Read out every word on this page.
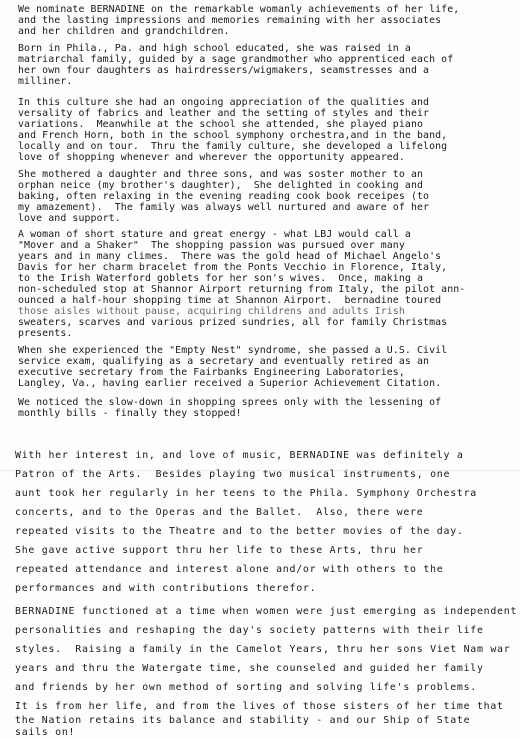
We nominate BERNADINE on the remarkable womanly achievements of her life,
and the lasting impressions and memories remaining with her associates
and her children and grandchildren.
Born in Phila., Pa. and high school educated, she was raised in a
matriarchal family, guided by a sage grandmother who apprenticed each of
her own four daughters as hairdressers/wigmakers, seamstresses and a
milliner.
In this culture she had an ongoing appreciation of the qualities and
versality of fabrics and leather and the setting of styles and their
variations.  Meanwhile at the school she attended, she played piano
and French Horn, both in the school symphony orchestra,and in the band,
locally and on tour.  Thru the family culture, she developed a lifelong
love of shopping whenever and wherever the opportunity appeared.
She mothered a daughter and three sons, and was soster mother to an
orphan neice (my brother's daughter),  She delighted in cooking and
baking, often relaxing in the evening reading cook book receipes (to
my amazement).  The family was always well nurtured and aware of her
love and support.
A woman of short stature and great energy - what LBJ would call a
"Mover and a Shaker"  The shopping passion was pursued over many
years and in many climes.  There was the gold head of Michael Angelo's
Davis for her charm bracelet from the Ponts Vecchio in Florence, Italy,
to the Irish Waterford goblets for her son's wives.  Once, making a
non-scheduled stop at Shannor Airport returning from Italy, the pilot ann-
ounced a half-hour shopping time at Shannon Airport.  bernadine toured
those aisles without pause, acquiring childrens and adults Irish
sweaters, scarves and various prized sundries, all for family Christmas
presents.
When she experienced the "Empty Nest" syndrome, she passed a U.S. Civil
service exam, qualifying as a secretary and eventually retired as an
executive secretary from the Fairbanks Engineering Laboratories,
Langley, Va., having earlier received a Superior Achievement Citation.
We noticed the slow-down in shopping sprees only with the lessening of
monthly bills - finally they stopped!
With her interest in, and love of music, BERNADINE was definitely a
Patron of the Arts.  Besides playing two musical instruments, one
aunt took her regularly in her teens to the Phila. Symphony Orchestra
concerts, and to the Operas and the Ballet.  Also, there were
repeated visits to the Theatre and to the better movies of the day.
She gave active support thru her life to these Arts, thru her
repeated attendance and interest alone and/or with others to the
performances and with contributions therefor.
BERNADINE functioned at a time when women were just emerging as independent
personalities and reshaping the day's society patterns with their life
styles.  Raising a family in the Camelot Years, thru her sons Viet Nam war
years and thru the Watergate time, she counseled and guided her family
and friends by her own method of sorting and solving life's problems.
It is from her life, and from the lives of those sisters of her time that
the Nation retains its balance and stability - and our Ship of State
sails on!
